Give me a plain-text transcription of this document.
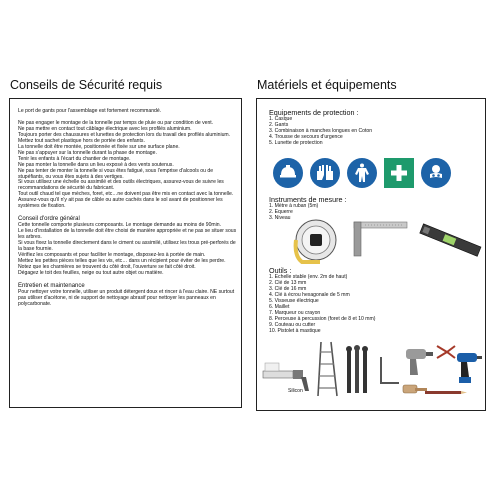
Conseils de Sécurité requis

Le port de gants pour l'assemblage est fortement recommandé.

Ne pas engager le montage de la tonnelle par temps de pluie ou par condition de vent.

Ne pas mettre en contact tout câblage électrique avec les profilés aluminium.

Toujours porter des chaussures et lunettes de protection lors du travail des profilés aluminium.

Mettez tout sachet plastique hors de portée des enfants.

La tonnelle doit être montée, positionnée et fixée sur une surface plane.

Ne pas s'appuyer sur la tonnelle durant la phase de montage.

Tenir les enfants à l'écart du chantier de montage.

Ne pas monter la tonnelle dans un lieu exposé à des vents soutenus.

Ne pas tenter de monter la tonnelle si vous êtes fatigué, sous l'emprise d'alcools ou de stupéfiants, ou vous êtes sujets à des vertiges.

Si vous utilisez une échelle ou assimilé et des outils électriques, assurez-vous de suivre les recommandations de sécurité du fabricant.

Tout outil chaud tel que mèches, foret, etc…ne doivent pas être mis en contact avec la tonnelle.

Assurez-vous qu'il n'y ait pas de câble ou autre cachés dans le sol avant de positionner les systèmes de fixation.

Conseil d'ordre général

Cette tonnelle comporte plusieurs composants. Le montage demande au moins de 90min.

Le lieu d'installation de la tonnelle doit être choisi de manière appropriée et ne pas se situer sous les arbres.

Si vous fixez la tonnelle directement dans le ciment ou assimilé, utilisez les trous pré-perforés de la base fournie.

Vérifiez les composants et pour faciliter le montage, disposez-les à portée de main.

Mettez les petites pièces telles que les vis, etc… dans un récipient pour éviter de les perdre.

Notez que les charnières se trouvent du côté droit, l'ouverture se fait côté droit.

Dégagez le toit des feuilles, neige ou tout autre objet ou matière.

Entretien et maintenance

Pour nettoyer votre tonnelle, utiliser un produit détergent doux et rincer à l'eau claire. NE surtout pas utiliser d'acétone, ni de support de nettoyage abrasif pour nettoyer les panneaux en polycarbonate.

Matériels et équipements
Equipements de protection :
1. Casque
2. Gants
3. Combinaison à manches longues en Coton
4. Trousse de secours d'urgence
5. Lunette de protection
Instruments de mesure :
1. Mètre à ruban (5m)
2. Equerre
3. Niveau
Outils :
1. Echelle stable (env. 2m de haut)
2. Clé de 13 mm
3. Clé de 16 mm
4. Clé à écrou hexagonale de 5 mm
5. Visseuse électrique
6. Maillet
7. Marqueur ou crayon
8. Perceuse à percussion (foret de 8 et 10 mm)
9. Couteau ou cutter
10. Pistolet à mastique
Silicon
